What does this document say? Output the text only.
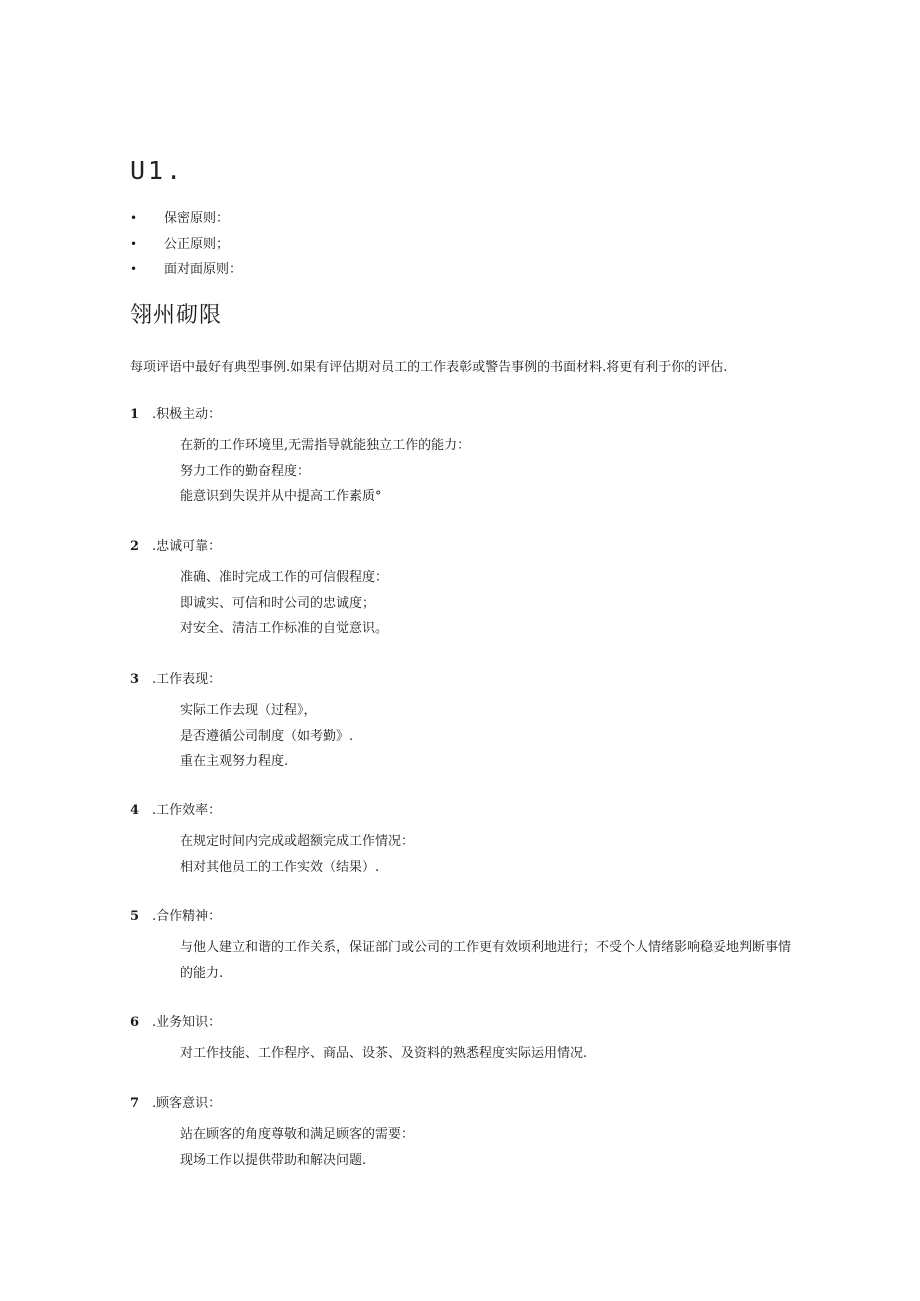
U1.
• 保密原则：
• 公正原则；
• 面对面原则：
翎州砌限

每项评语中最好有典型事例.如果有评估期对员工的工作表彰或警告事例的书面材料.将更有利于你的评估.

1 .积极主动：
在新的工作环境里,无需指导就能独立工作的能力：
努力工作的勤奋程度：
能意识到失误并从中提高工作素质°
2 .忠诚可靠：
准确、准时完成工作的可信假程度：
即诚实、可信和时公司的忠诚度；
对安全、清洁工作标准的自觉意识。
3 .工作表现：
实际工作去现（过程》，
是否遵循公司制度（如考勤》.
重在主观努力程度.
4 .工作效率：
在规定时间内完成或超额完成工作情况：
相对其他员工的工作实效（结果）.
5 .合作精神：
与他人建立和谐的工作关系，保证部门或公司的工作更有效顷利地进行；不受个人情绪影响稳妥地判断事情的能力.
6 .业务知识：
对工作技能、工作程序、商品、设茶、及资料的熟悉程度实际运用情况.
7 .顾客意识：
站在顾客的角度尊敬和满足顾客的需要：
现场工作以提供带助和解决问题.
